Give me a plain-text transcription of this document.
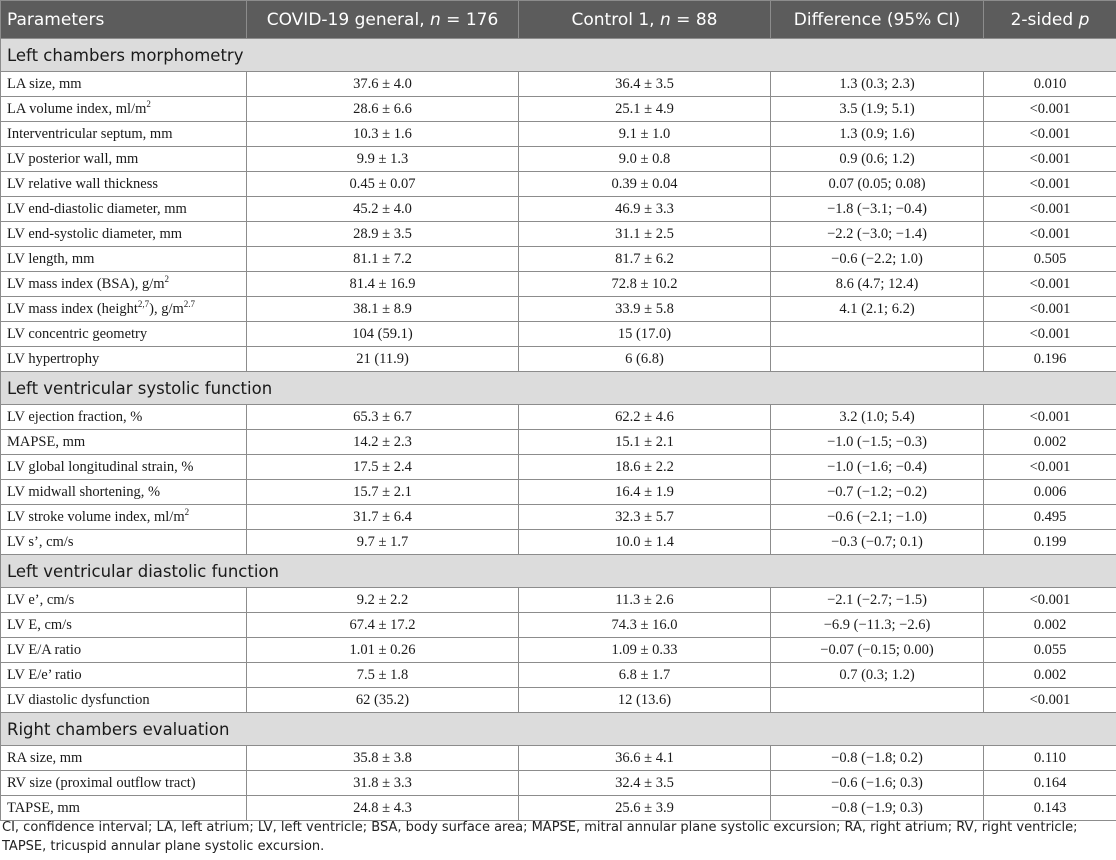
Parameters	COVID-19 general, n = 176	Control 1, n = 88	Difference (95% CI)	2-sided p
Left chambers morphometry				
LA size, mm	37.6 ± 4.0	36.4 ± 3.5	1.3 (0.3; 2.3)	0.010
LA volume index, $ml/m^2$	28.6 ± 6.6	25.1 ± 4.9	3.5 (1.9; 5.1)	<0.001
Interventricular septum, mm	10.3 ± 1.6	9.1 ± 1.0	1.3 (0.9; 1.6)	<0.001
LV posterior wall, mm	9.9 ± 1.3	9.0 ± 0.8	0.9 (0.6; 1.2)	<0.001
LV relative wall thickness	0.45 ± 0.07	0.39 ± 0.04	0.07 (0.05; 0.08)	<0.001
LV end-diastolic diameter, mm	45.2 ± 4.0	46.9 ± 3.3	−1.8 (−3.1; −0.4)	<0.001
LV end-systolic diameter, mm	28.9 ± 3.5	31.1 ± 2.5	−2.2 (−3.0; −1.4)	<0.001
LV length, mm	81.1 ± 7.2	81.7 ± 6.2	−0.6 (−2.2; 1.0)	0.505
LV mass index (BSA), $g/m^2$	81.4 ± 16.9	72.8 ± 10.2	8.6 (4.7; 12.4)	<0.001
LV mass index (height$^{2,7}$), $g/m^{2.7}$	38.1 ± 8.9	33.9 ± 5.8	4.1 (2.1; 6.2)	<0.001
LV concentric geometry	104 (59.1)	15 (17.0)		<0.001
LV hypertrophy	21 (11.9)	6 (6.8)		0.196
Left ventricular systolic function				
LV ejection fraction, %	65.3 ± 6.7	62.2 ± 4.6	3.2 (1.0; 5.4)	<0.001
MAPSE, mm	14.2 ± 2.3	15.1 ± 2.1	−1.0 (−1.5; −0.3)	0.002
LV global longitudinal strain, %	17.5 ± 2.4	18.6 ± 2.2	−1.0 (−1.6; −0.4)	<0.001
LV midwall shortening, %	15.7 ± 2.1	16.4 ± 1.9	−0.7 (−1.2; −0.2)	0.006
LV stroke volume index, $ml/m^2$	31.7 ± 6.4	32.3 ± 5.7	−0.6 (−2.1; −1.0)	0.495
LV s’, cm/s	9.7 ± 1.7	10.0 ± 1.4	−0.3 (−0.7; 0.1)	0.199
Left ventricular diastolic function				
LV e’, cm/s	9.2 ± 2.2	11.3 ± 2.6	−2.1 (−2.7; −1.5)	<0.001
LV E, cm/s	67.4 ± 17.2	74.3 ± 16.0	−6.9 (−11.3; −2.6)	0.002
LV E/A ratio	1.01 ± 0.26	1.09 ± 0.33	−0.07 (−0.15; 0.00)	0.055
LV E/e’ ratio	7.5 ± 1.8	6.8 ± 1.7	0.7 (0.3; 1.2)	0.002
LV diastolic dysfunction	62 (35.2)	12 (13.6)		<0.001
Right chambers evaluation				
RA size, mm	35.8 ± 3.8	36.6 ± 4.1	−0.8 (−1.8; 0.2)	0.110
RV size (proximal outflow tract)	31.8 ± 3.3	32.4 ± 3.5	−0.6 (−1.6; 0.3)	0.164
TAPSE, mm	24.8 ± 4.3	25.6 ± 3.9	−0.8 (−1.9; 0.3)	0.143
CI, confidence interval; LA, left atrium; LV, left ventricle; BSA, body surface area; MAPSE, mitral annular plane systolic excursion; RA, right atrium; RV, right ventricle; TAPSE, tricuspid annular plane systolic excursion.
